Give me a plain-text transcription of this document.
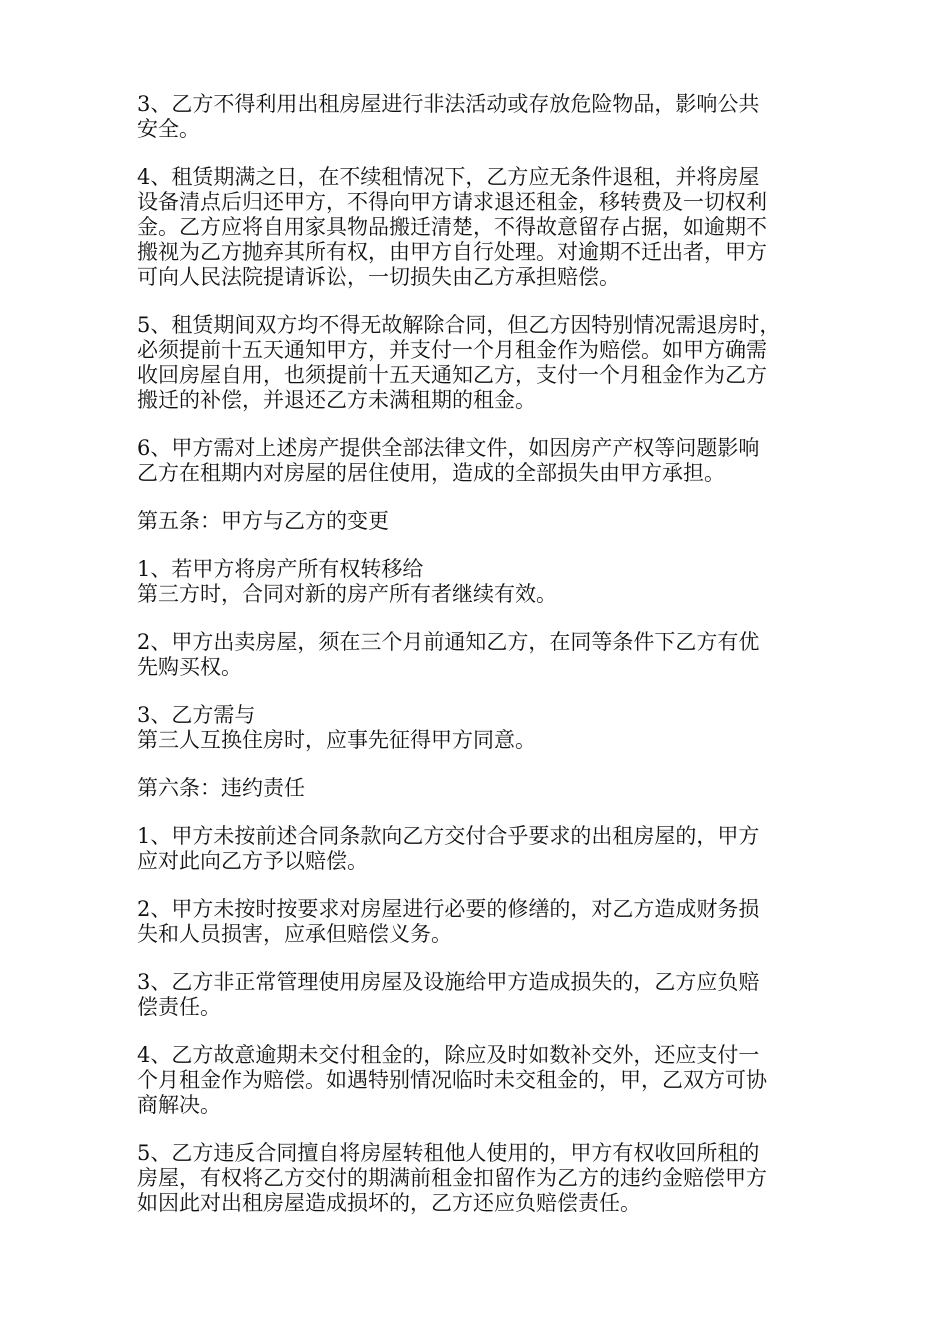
3、乙方不得利用出租房屋进行非法活动或存放危险物品，影响公共
安全。
4、租赁期满之日，在不续租情况下，乙方应无条件退租，并将房屋
设备清点后归还甲方，不得向甲方请求退还租金，移转费及一切权利
金。乙方应将自用家具物品搬迁清楚，不得故意留存占据，如逾期不
搬视为乙方抛弃其所有权，由甲方自行处理。对逾期不迁出者，甲方
可向人民法院提请诉讼，一切损失由乙方承担赔偿。
5、租赁期间双方均不得无故解除合同，但乙方因特别情况需退房时，
必须提前十五天通知甲方，并支付一个月租金作为赔偿。如甲方确需
收回房屋自用，也须提前十五天通知乙方，支付一个月租金作为乙方
搬迁的补偿，并退还乙方未满租期的租金。
6、甲方需对上述房产提供全部法律文件，如因房产产权等问题影响
乙方在租期内对房屋的居住使用，造成的全部损失由甲方承担。
第五条：甲方与乙方的变更
1、若甲方将房产所有权转移给
第三方时，合同对新的房产所有者继续有效。
2、甲方出卖房屋，须在三个月前通知乙方，在同等条件下乙方有优
先购买权。
3、乙方需与
第三人互换住房时，应事先征得甲方同意。
第六条：违约责任
1、甲方未按前述合同条款向乙方交付合乎要求的出租房屋的，甲方
应对此向乙方予以赔偿。
2、甲方未按时按要求对房屋进行必要的修缮的，对乙方造成财务损
失和人员损害，应承但赔偿义务。
3、乙方非正常管理使用房屋及设施给甲方造成损失的，乙方应负赔
偿责任。
4、乙方故意逾期未交付租金的，除应及时如数补交外，还应支付一
个月租金作为赔偿。如遇特别情况临时未交租金的，甲，乙双方可协
商解决。
5、乙方违反合同擅自将房屋转租他人使用的，甲方有权收回所租的
房屋，有权将乙方交付的期满前租金扣留作为乙方的违约金赔偿甲方
如因此对出租房屋造成损坏的，乙方还应负赔偿责任。
